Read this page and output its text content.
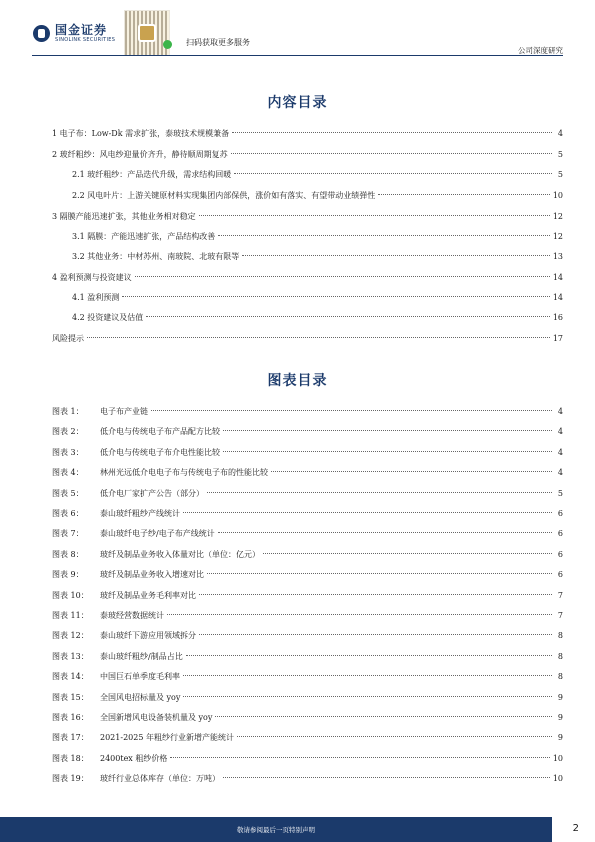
国金证券
SINOLINK SECURITIES	扫码获取更多服务
公司深度研究
内容目录
1 电子布：Low-Dk 需求扩张，泰玻技术规模兼备	4
2 玻纤粗纱：风电纱迎量价齐升，静待顺周期复苏	5
2.1 玻纤粗纱：产品迭代升级，需求结构回暖	5
2.2 风电叶片：上游关键原材料实现集团内部保供，涨价如有落实、有望带动业绩弹性	10
3 隔膜产能迅速扩张，其他业务相对稳定	12
3.1 隔膜：产能迅速扩张，产品结构改善	12
3.2 其他业务：中材苏州、南玻院、北玻有限等	13
4 盈利预测与投资建议	14
4.1 盈利预测	14
4.2 投资建议及估值	16
风险提示	17
图表目录
图表 1：	电子布产业链	4
图表 2：	低介电与传统电子布产品配方比较	4
图表 3：	低介电与传统电子布介电性能比较	4
图表 4：	林州光远低介电电子布与传统电子布的性能比较	4
图表 5：	低介电厂家扩产公告（部分）	5
图表 6：	泰山玻纤粗纱产线统计	6
图表 7：	泰山玻纤电子纱/电子布产线统计	6
图表 8：	玻纤及制品业务收入体量对比（单位：亿元）	6
图表 9：	玻纤及制品业务收入增速对比	6
图表 10：	玻纤及制品业务毛利率对比	7
图表 11：	泰玻经营数据统计	7
图表 12：	泰山玻纤下游应用领域拆分	8
图表 13：	泰山玻纤粗纱/制品占比	8
图表 14：	中国巨石单季度毛利率	8
图表 15：	全国风电招标量及 yoy	9
图表 16：	全国新增风电设备装机量及 yoy	9
图表 17：	2021-2025 年粗纱行业新增产能统计	9
图表 18：	2400tex 粗纱价格	10
图表 19：	玻纤行业总体库存（单位：万吨）	10
敬请参阅最后一页特别声明	2
